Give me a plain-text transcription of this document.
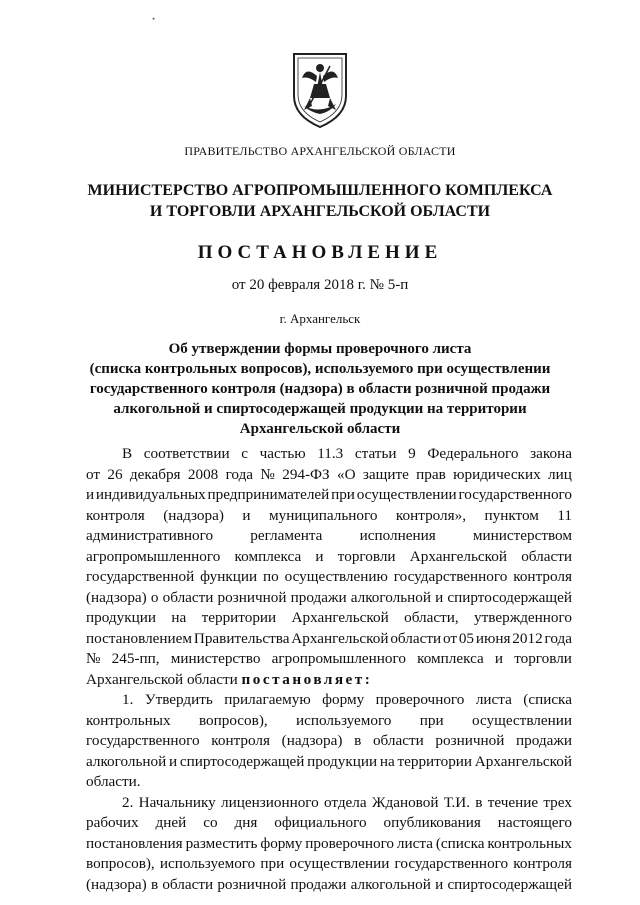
•
ПРАВИТЕЛЬСТВО АРХАНГЕЛЬСКОЙ ОБЛАСТИ
МИНИСТЕРСТВО АГРОПРОМЫШЛЕННОГО КОМПЛЕКСА
И ТОРГОВЛИ АРХАНГЕЛЬСКОЙ ОБЛАСТИ
ПОСТАНОВЛЕНИЕ
от 20 февраля 2018 г. № 5-п
г. Архангельск
Об утверждении формы проверочного листа
(списка контрольных вопросов), используемого при осуществлении
государственного контроля (надзора) в области розничной продажи
алкогольной и спиртосодержащей продукции на территории
Архангельской области
В соответствии с частью 11.3 статьи 9 Федерального закона
от 26 декабря 2008 года № 294-ФЗ «О защите прав юридических лиц
и индивидуальных предпринимателей при осуществлении государственного
контроля (надзора) и муниципального контроля», пунктом 11
административного регламента исполнения министерством
агропромышленного комплекса и торговли Архангельской области
государственной функции по осуществлению государственного контроля
(надзора) о области розничной продажи алкогольной и спиртосодержащей
продукции на территории Архангельской области, утвержденного
постановлением Правительства Архангельской области от 05 июня 2012 года
№ 245-пп, министерство агропромышленного комплекса и торговли
Архангельской области постановляет:
1. Утвердить прилагаемую форму проверочного листа (списка
контрольных вопросов), используемого при осуществлении
государственного контроля (надзора) в области розничной продажи
алкогольной и спиртосодержащей продукции на территории Архангельской
области.
2. Начальнику лицензионного отдела Ждановой Т.И. в течение трех
рабочих дней со дня официального опубликования настоящего
постановления разместить форму проверочного листа (списка контрольных
вопросов), используемого при осуществлении государственного контроля
(надзора) в области розничной продажи алкогольной и спиртосодержащей
